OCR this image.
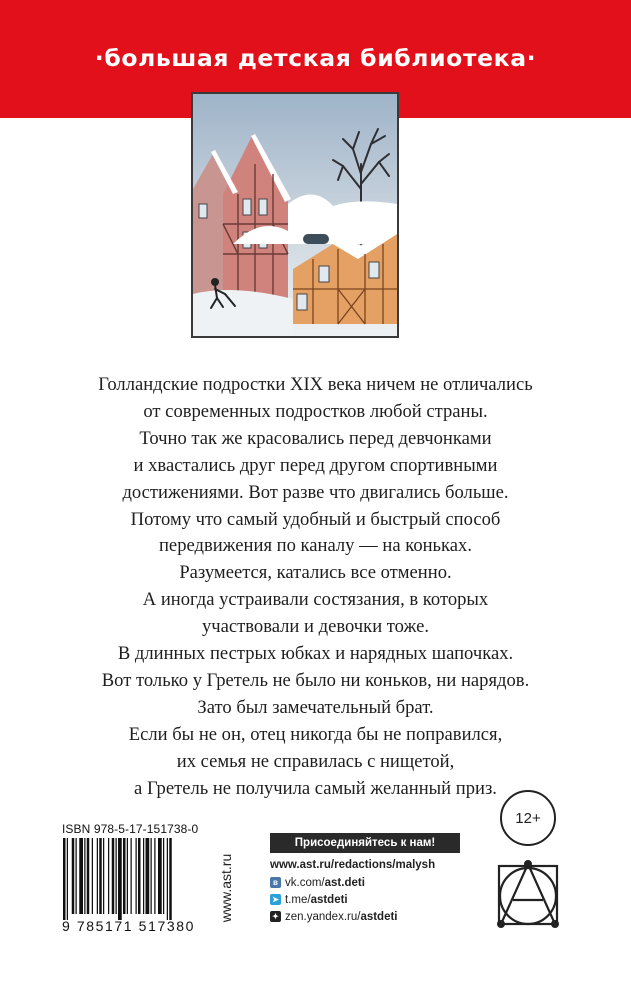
·большая детская библиотека·

Голландские подростки XIX века ничем не отличались
от современных подростков любой страны.
Точно так же красовались перед девчонками
и хвастались друг перед другом спортивными
достижениями. Вот разве что двигались больше.
Потому что самый удобный и быстрый способ
передвижения по каналу — на коньках.
Разумеется, катались все отменно.
А иногда устраивали состязания, в которых
участвовали и девочки тоже.
В длинных пестрых юбках и нарядных шапочках.
Вот только у Гретель не было ни коньков, ни нарядов.
Зато был замечательный брат.
Если бы не он, отец никогда бы не поправился,
их семья не справилась с нищетой,
а Гретель не получила самый желанный приз.

ISBN 978-5-17-151738-0
9 785171 517380
www.ast.ru
Присоединяйтесь к нам!
www.ast.ru/redactions/malysh
в vk.com/ ast.deti
➤ t.me/ astdeti
✦ zen.yandex.ru/ astdeti
12+
